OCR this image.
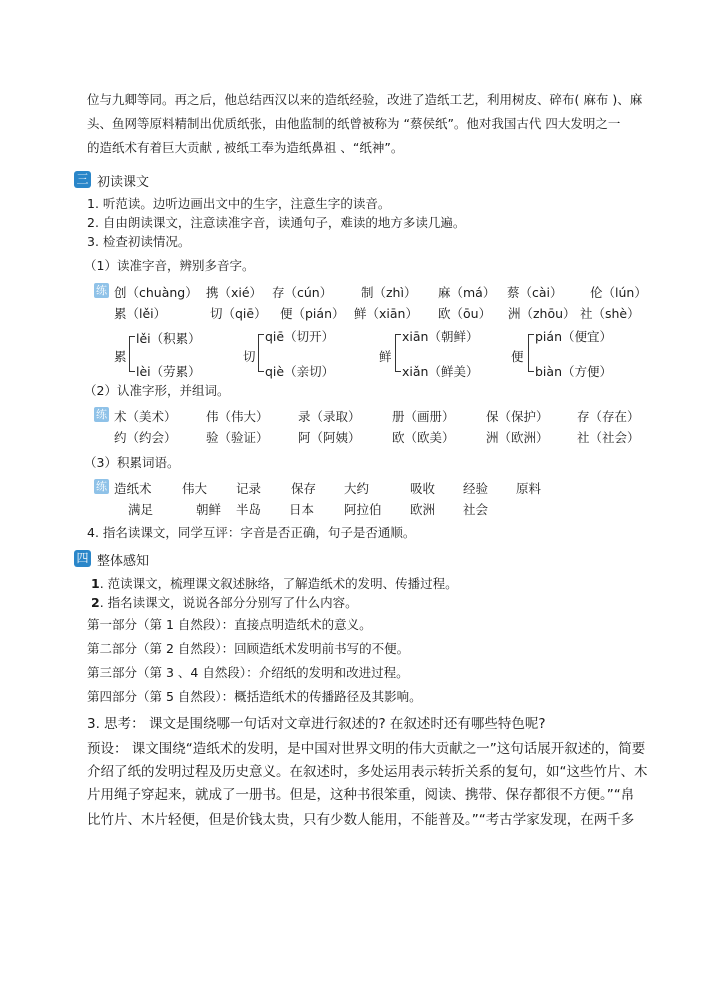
位与九卿等同。再之后，他总结西汉以来的造纸经验，改进了造纸工艺，利用树皮、碎布( 麻布 )、麻
头、鱼网等原料精制出优质纸张，由他监制的纸曾被称为 “蔡侯纸”。他对我国古代 四大发明之一
的造纸术有着巨大贡献 , 被纸工奉为造纸鼻祖 、“纸神”。
三 初读课文
1. 听范读。边听边画出文中的生字，注意生字的读音。
2. 自由朗读课文，注意读准字音，读通句子，难读的地方多读几遍。
3. 检查初读情况。
（1）读准字音，辨别多音字。
练 创（chuàng） 携（xié） 存（cún） 制（zhì） 麻（má） 蔡（cài） 伦（lún）
累（lěi）	切（qiē） 便（pián） 鲜（xiān） 欧（ōu） 洲（zhōu） 社（shè）
累
lěi（积累）
lèi（劳累）
切
qiē（切开）
qiè（亲切）
鲜
xiān（朝鲜）
xiǎn（鲜美）
便
pián（便宜）
biàn（方便）
（2）认准字形，并组词。
练 术（美术） 伟（伟大） 录（录取）	册（画册）	保（保护） 存（存在）
约（约会） 验（验证） 阿（阿姨）	欧（欧美）	洲（欧洲） 社（社会）
（3）积累词语。
练 造纸术 伟大 记录 保存 大约	吸收 经验 原料
满足	朝鲜 半岛 日本 阿拉伯 欧洲 社会
4. 指名读课文，同学互评：字音是否正确，句子是否通顺。
四 整体感知
1. 范读课文，梳理课文叙述脉络，了解造纸术的发明、传播过程。
2. 指名读课文，说说各部分分别写了什么内容。
第一部分（第 1 自然段）：直接点明造纸术的意义。
第二部分（第 2 自然段）：回顾造纸术发明前书写的不便。
第三部分（第 3 、4 自然段）：介绍纸的发明和改进过程。
第四部分（第 5 自然段）：概括造纸术的传播路径及其影响。
3. 思考： 课文是围绕哪一句话对文章进行叙述的? 在叙述时还有哪些特色呢?
预设： 课文围绕“造纸术的发明，是中国对世界文明的伟大贡献之一”这句话展开叙述的，简要
介绍了纸的发明过程及历史意义。在叙述时，多处运用表示转折关系的复句，如“这些竹片、木
片用绳子穿起来，就成了一册书。但是，这种书很笨重，阅读、携带、保存都很不方便。”“帛
比竹片、木片轻便，但是价钱太贵，只有少数人能用，不能普及。”“考古学家发现，在两千多
